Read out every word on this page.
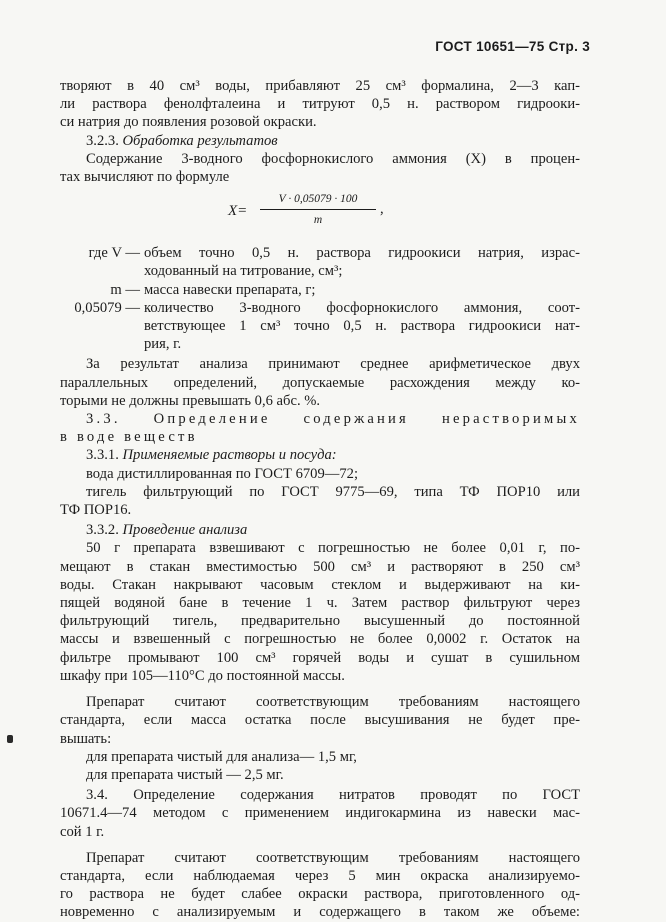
ГОСТ 10651—75 Стр. 3

творяют в 40 см³ воды, прибавляют 25 см³ формалина, 2—3 кап-

ли раствора фенолфталеина и титруют 0,5 н. раствором гидрооки-

си натрия до появления розовой окраски.

3.2.3. Обработка результатов

Содержание 3-водного фосфорнокислого аммония (X) в процен-

тах вычисляют по формуле

$X= \frac{V \cdot 0,05079 \cdot 100}{m}$ ,
где V — объем точно 0,5 н. раствора гидроокиси натрия, израс-
ходованный на титрование, см³;
m — масса навески препарата, г;
0,05079 — количество 3-водного фосфорнокислого аммония, соот-
ветствующее 1 см³ точно 0,5 н. раствора гидроокиси нат-
рия, г.

За результат анализа принимают среднее арифметическое двух

параллельных определений, допускаемые расхождения между ко-

торыми не должны превышать 0,6 абс. %.

3.3. Определение содержания нерастворимых

в воде веществ

3.3.1. Применяемые растворы и посуда:

вода дистиллированная по ГОСТ 6709—72;

тигель фильтрующий по ГОСТ 9775—69, типа ТФ ПОР10 или

ТФ ПОР16.

3.3.2. Проведение анализа

50 г препарата взвешивают с погрешностью не более 0,01 г, по-

мещают в стакан вместимостью 500 см³ и растворяют в 250 см³

воды. Стакан накрывают часовым стеклом и выдерживают на ки-

пящей водяной бане в течение 1 ч. Затем раствор фильтруют через

фильтрующий тигель, предварительно высушенный до постоянной

массы и взвешенный с погрешностью не более 0,0002 г. Остаток на

фильтре промывают 100 см³ горячей воды и сушат в сушильном

шкафу при 105—110°С до постоянной массы.

Препарат считают соответствующим требованиям настоящего

стандарта, если масса остатка после высушивания не будет пре-

вышать:

для препарата чистый для анализа— 1,5 мг,

для препарата чистый — 2,5 мг.

3.4. Определение содержания нитратов проводят по ГОСТ

10671.4—74 методом с применением индигокармина из навески мас-

сой 1 г.

Препарат считают соответствующим требованиям настоящего

стандарта, если наблюдаемая через 5 мин окраска анализируемо-

го раствора не будет слабее окраски раствора, приготовленного од-

новременно с анализируемым и содержащего в таком же объеме:
